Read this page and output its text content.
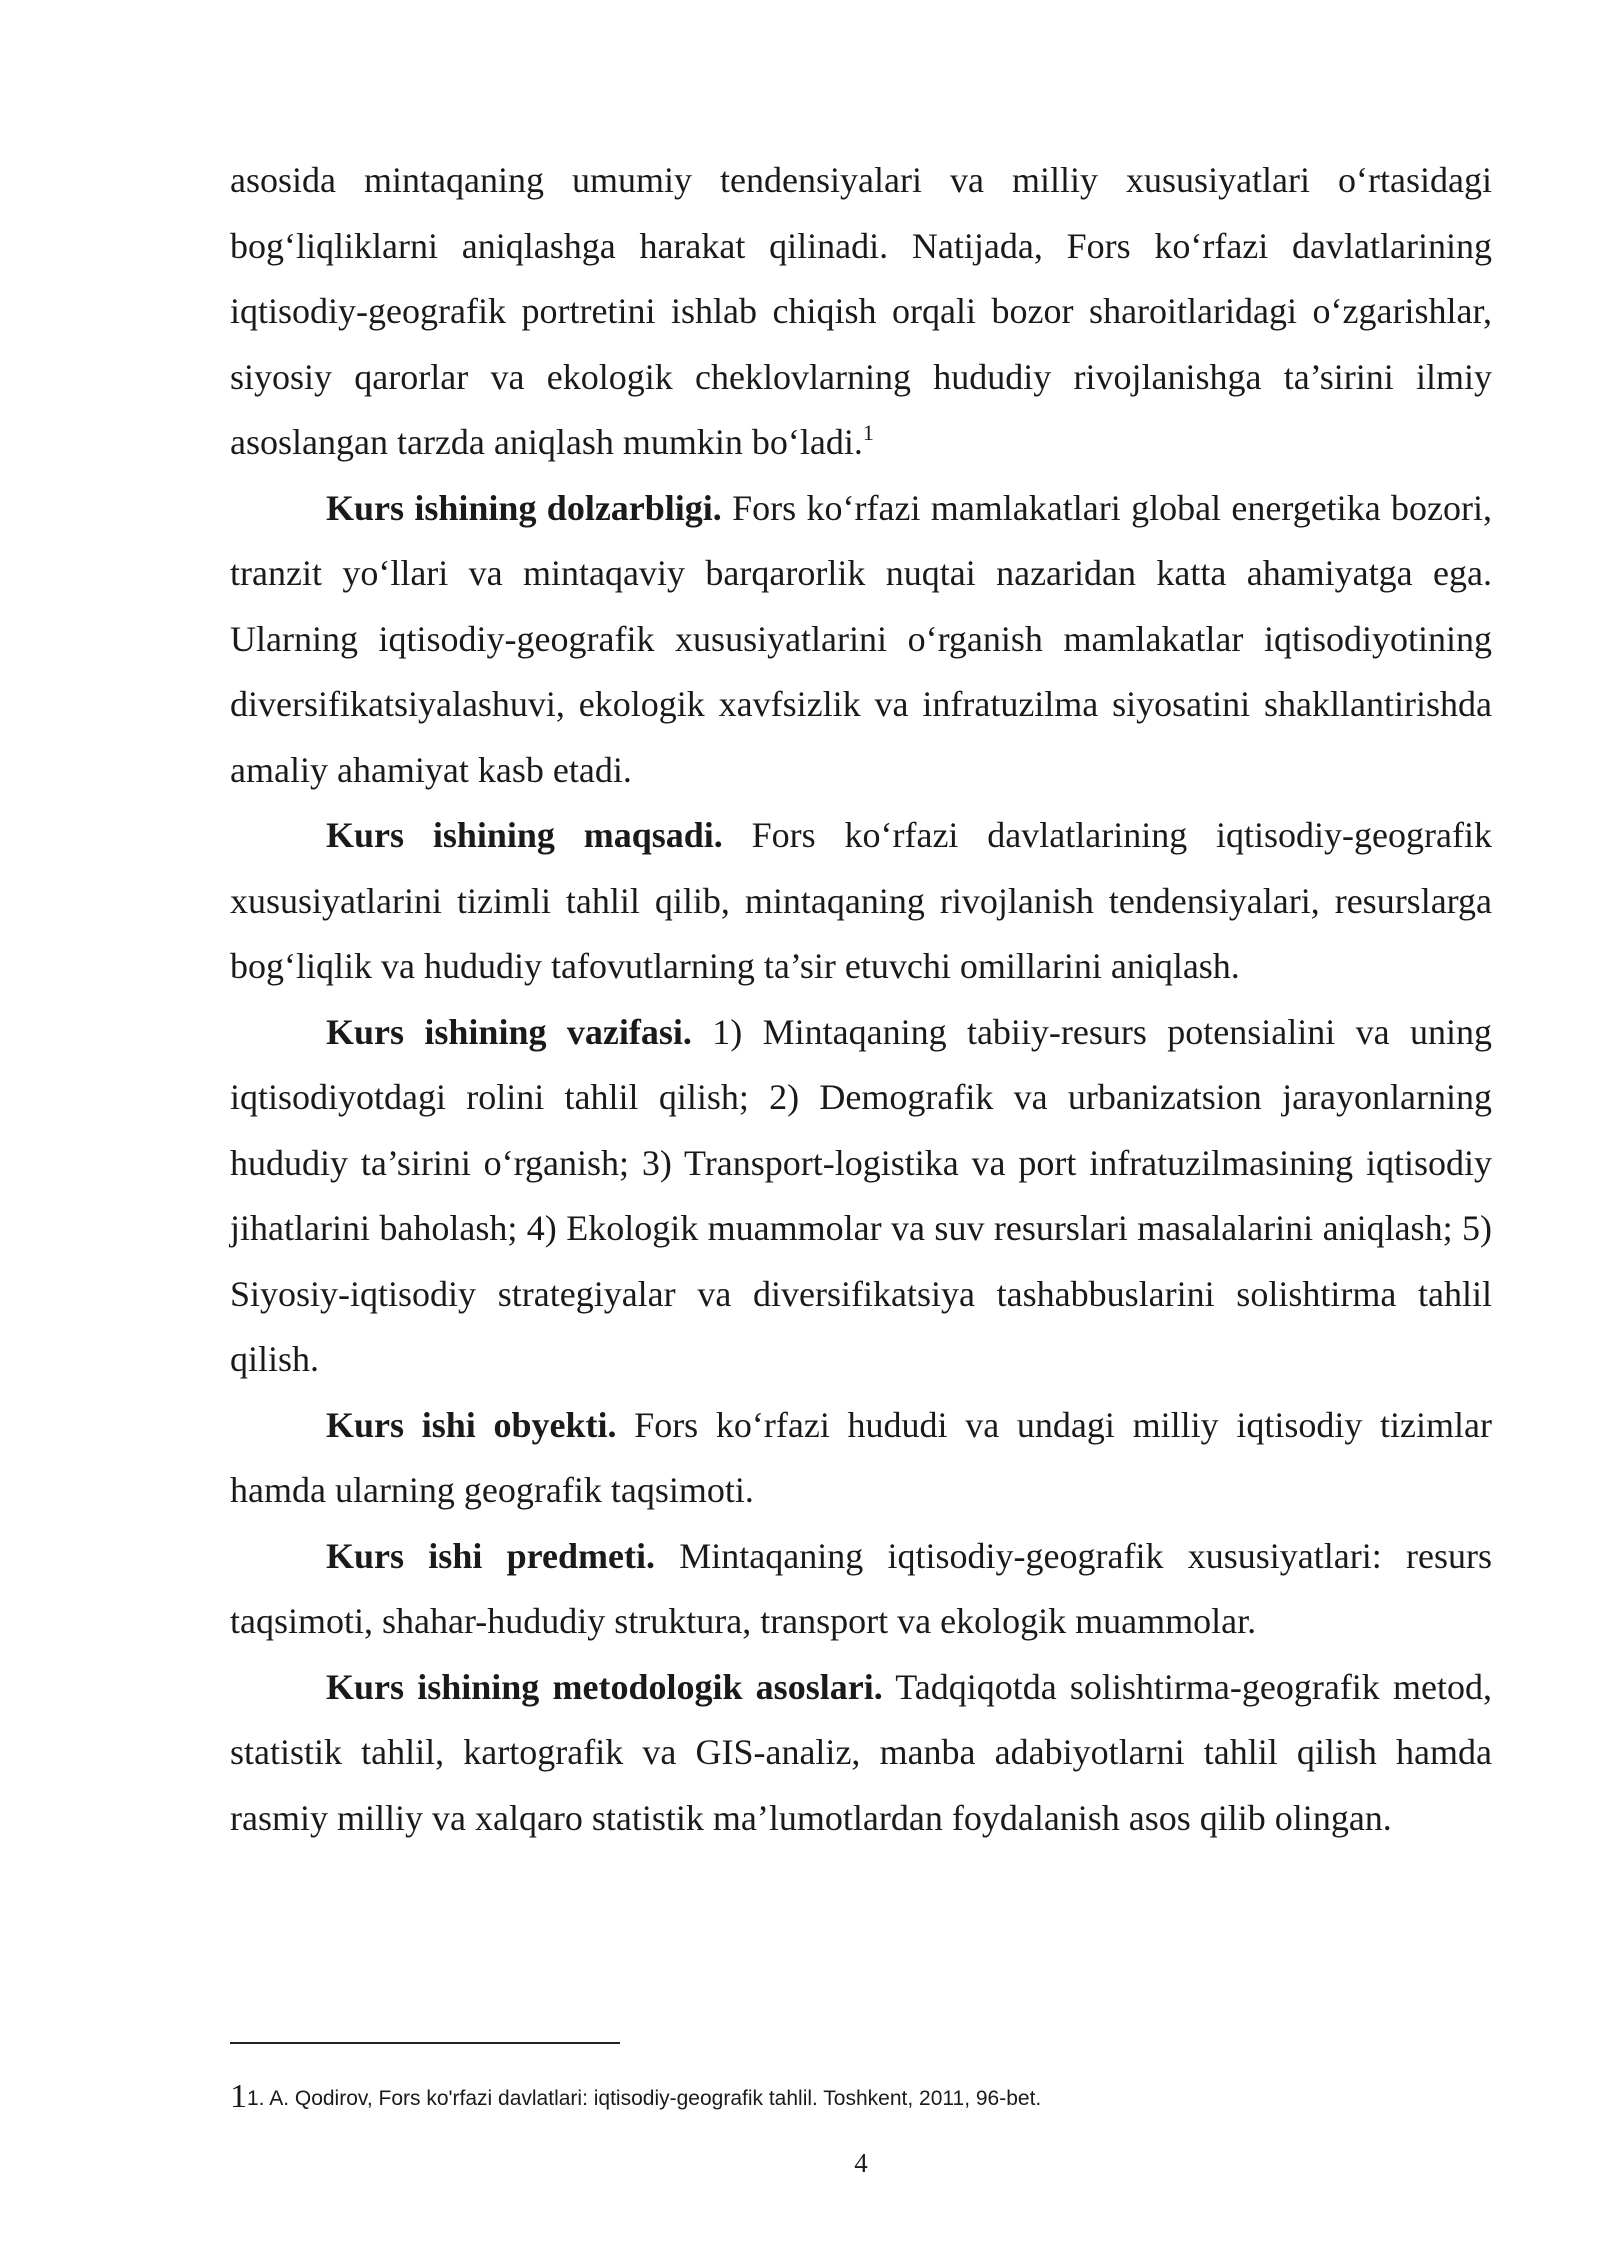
asosida mintaqaning umumiy tendensiyalari va milliy xususiyatlari o‘rtasidagi bog‘liqliklarni aniqlashga harakat qilinadi. Natijada, Fors ko‘rfazi davlatlarining iqtisodiy-geografik portretini ishlab chiqish orqali bozor sharoitlaridagi o‘zgarishlar, siyosiy qarorlar va ekologik cheklovlarning hududiy rivojlanishga ta’sirini ilmiy asoslangan tarzda aniqlash mumkin bo‘ladi.$^1$

Kurs ishining dolzarbligi. Fors ko‘rfazi mamlakatlari global energetika bozori, tranzit yo‘llari va mintaqaviy barqarorlik nuqtai nazaridan katta ahamiyatga ega. Ularning iqtisodiy-geografik xususiyatlarini o‘rganish mamlakatlar iqtisodiyotining diversifikatsiyalashuvi, ekologik xavfsizlik va infratuzilma siyosatini shakllantirishda amaliy ahamiyat kasb etadi.

Kurs ishining maqsadi. Fors ko‘rfazi davlatlarining iqtisodiy-geografik xususiyatlarini tizimli tahlil qilib, mintaqaning rivojlanish tendensiyalari, resurslarga bog‘liqlik va hududiy tafovutlarning ta’sir etuvchi omillarini aniqlash.

Kurs ishining vazifasi. 1) Mintaqaning tabiiy-resurs potensialini va uning iqtisodiyotdagi rolini tahlil qilish; 2) Demografik va urbanizatsion jarayonlarning hududiy ta’sirini o‘rganish; 3) Transport-logistika va port infratuzilmasining iqtisodiy jihatlarini baholash; 4) Ekologik muammolar va suv resurslari masalalarini aniqlash; 5) Siyosiy-iqtisodiy strategiyalar va diversifikatsiya tashabbuslarini solishtirma tahlil qilish.

Kurs ishi obyekti. Fors ko‘rfazi hududi va undagi milliy iqtisodiy tizimlar hamda ularning geografik taqsimoti.

Kurs ishi predmeti. Mintaqaning iqtisodiy-geografik xususiyatlari: resurs taqsimoti, shahar-hududiy struktura, transport va ekologik muammolar.

Kurs ishining metodologik asoslari. Tadqiqotda solishtirma-geografik metod, statistik tahlil, kartografik va GIS-analiz, manba adabiyotlarni tahlil qilish hamda rasmiy milliy va xalqaro statistik ma’lumotlardan foydalanish asos qilib olingan.

11. A. Qodirov, Fors ko'rfazi davlatlari: iqtisodiy-geografik tahlil. Toshkent, 2011, 96-bet.
4
